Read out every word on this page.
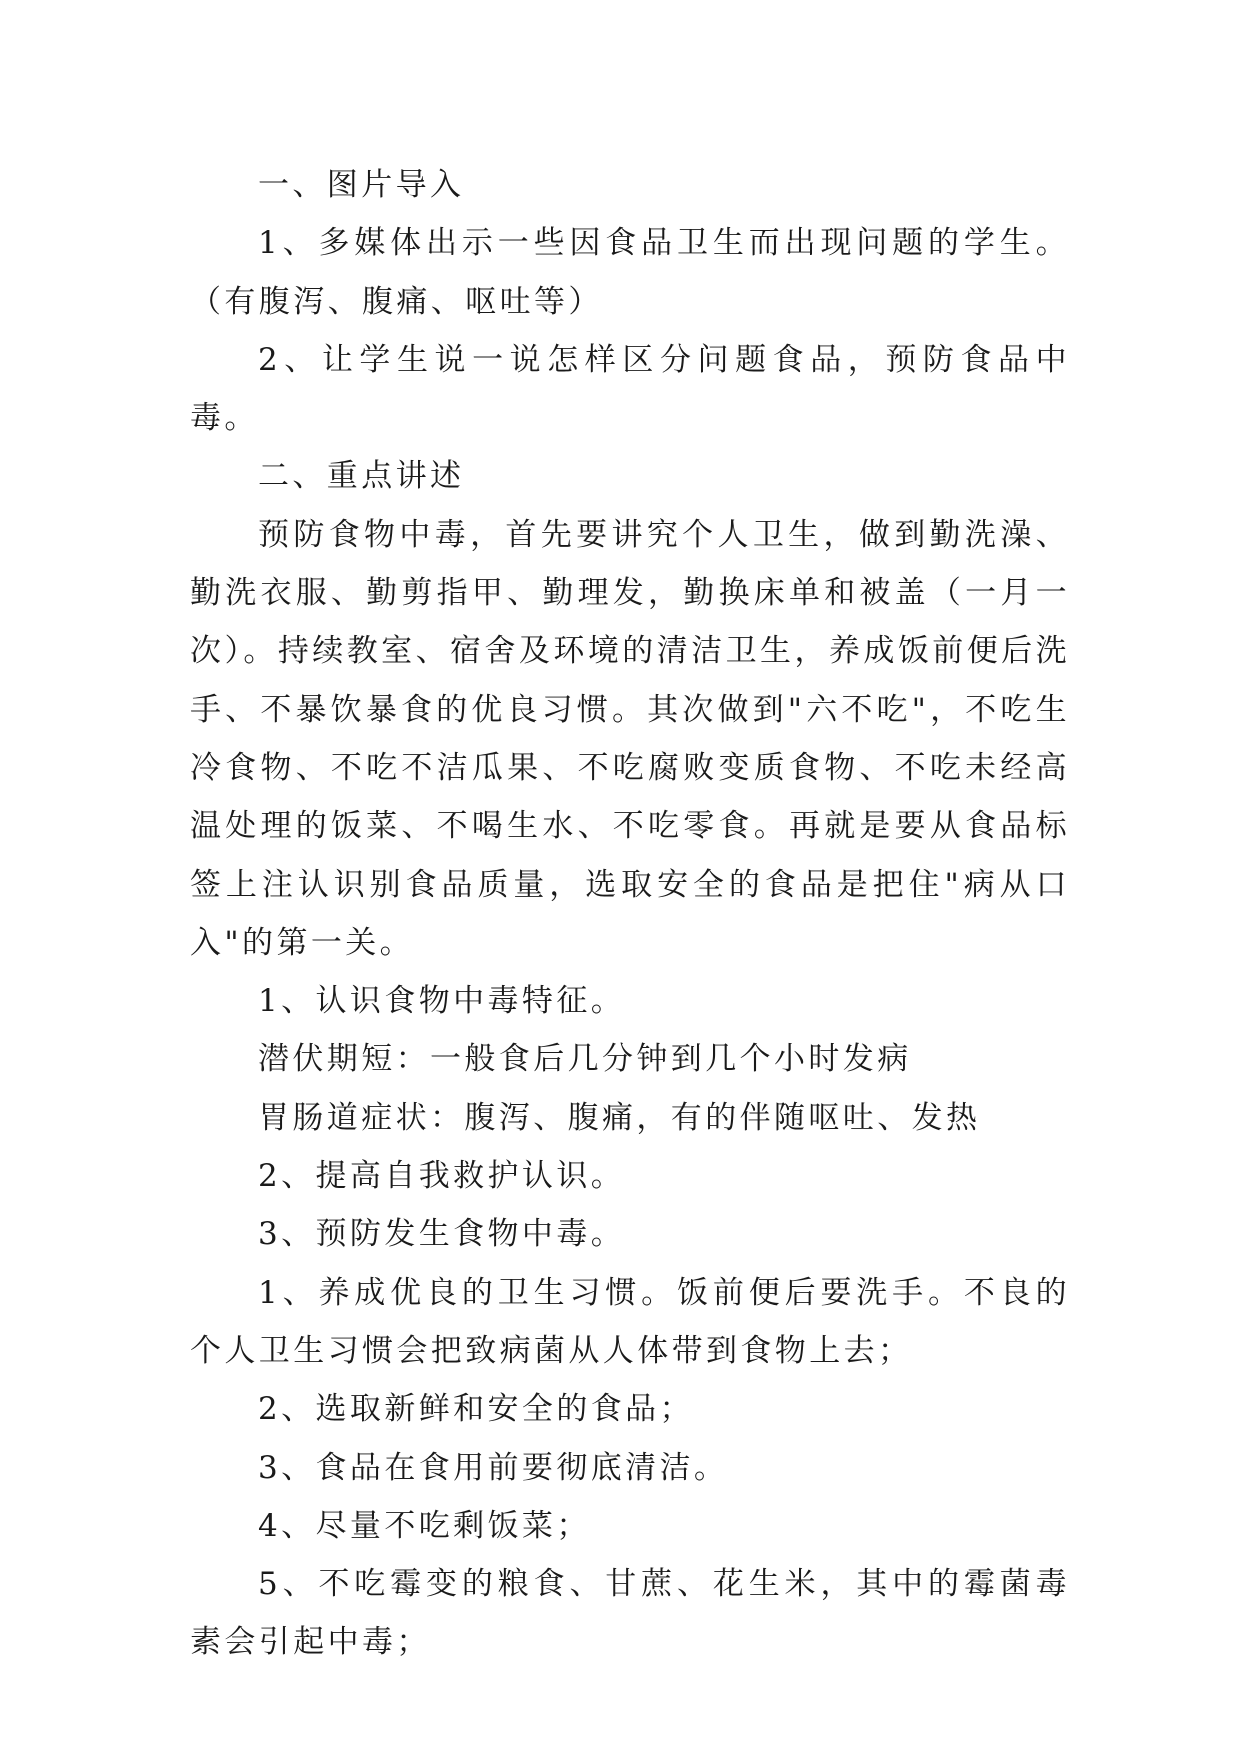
一、图片导入

1、多媒体出示一些因食品卫生而出现问题的学生。（有腹泻、腹痛、呕吐等）

2、让学生说一说怎样区分问题食品，预防食品中毒。

二、重点讲述

预防食物中毒，首先要讲究个人卫生，做到勤洗澡、勤洗衣服、勤剪指甲、勤理发，勤换床单和被盖（一月一次）。持续教室、宿舍及环境的清洁卫生，养成饭前便后洗手、不暴饮暴食的优良习惯。其次做到"六不吃"，不吃生冷食物、不吃不洁瓜果、不吃腐败变质食物、不吃未经高温处理的饭菜、不喝生水、不吃零食。再就是要从食品标签上注认识别食品质量，选取安全的食品是把住"病从口入"的第一关。

1、认识食物中毒特征。

潜伏期短：一般食后几分钟到几个小时发病

胃肠道症状：腹泻、腹痛，有的伴随呕吐、发热

2、提高自我救护认识。

3、预防发生食物中毒。

1、养成优良的卫生习惯。饭前便后要洗手。不良的个人卫生习惯会把致病菌从人体带到食物上去；

2、选取新鲜和安全的食品；

3、食品在食用前要彻底清洁。

4、尽量不吃剩饭菜；

5、不吃霉变的粮食、甘蔗、花生米，其中的霉菌毒素会引起中毒；
